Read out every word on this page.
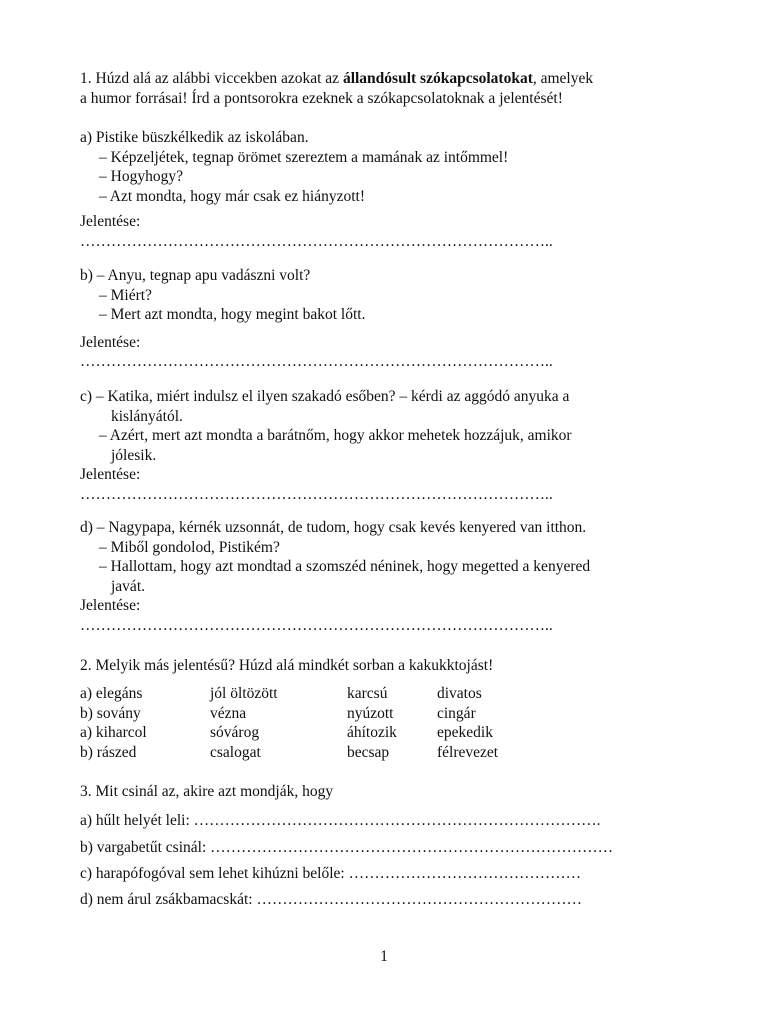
1. Húzd alá az alábbi viccekben azokat az állandósult szókapcsolatokat, amelyek
a humor forrásai! Írd a pontsorokra ezeknek a szókapcsolatoknak a jelentését!
a) Pistike büszkélkedik az iskolában.
– Képzeljétek, tegnap örömet szereztem a mamának az intőmmel!
– Hogyhogy?
– Azt mondta, hogy már csak ez hiányzott!
Jelentése:
………………………………………………………………………………..
b) – Anyu, tegnap apu vadászni volt?
– Miért?
– Mert azt mondta, hogy megint bakot lőtt.
Jelentése:
………………………………………………………………………………..
c) – Katika, miért indulsz el ilyen szakadó esőben? – kérdi az aggódó anyuka a
kislányától.
– Azért, mert azt mondta a barátnőm, hogy akkor mehetek hozzájuk, amikor
jólesik.
Jelentése:
………………………………………………………………………………..
d) – Nagypapa, kérnék uzsonnát, de tudom, hogy csak kevés kenyered van itthon.
– Miből gondolod, Pistikém?
– Hallottam, hogy azt mondtad a szomszéd néninek, hogy megetted a kenyered
javát.
Jelentése:
………………………………………………………………………………..
2. Melyik más jelentésű? Húzd alá mindkét sorban a kakukktojást!
a) elegáns	jól öltözött	karcsú	divatos
b) sovány	vézna	nyúzott	cingár
a) kiharcol	sóvárog	áhítozik	epekedik
b) rászed	csalogat	becsap	félrevezet
3. Mit csinál az, akire azt mondják, hogy
a) hűlt helyét leli: …………………………………………………………………….
b) vargabetűt csinál: ……………………………………………………………………
c) harapófogóval sem lehet kihúzni belőle: ………………………………………
d) nem árul zsákbamacskát: ………………………………………………………
1
